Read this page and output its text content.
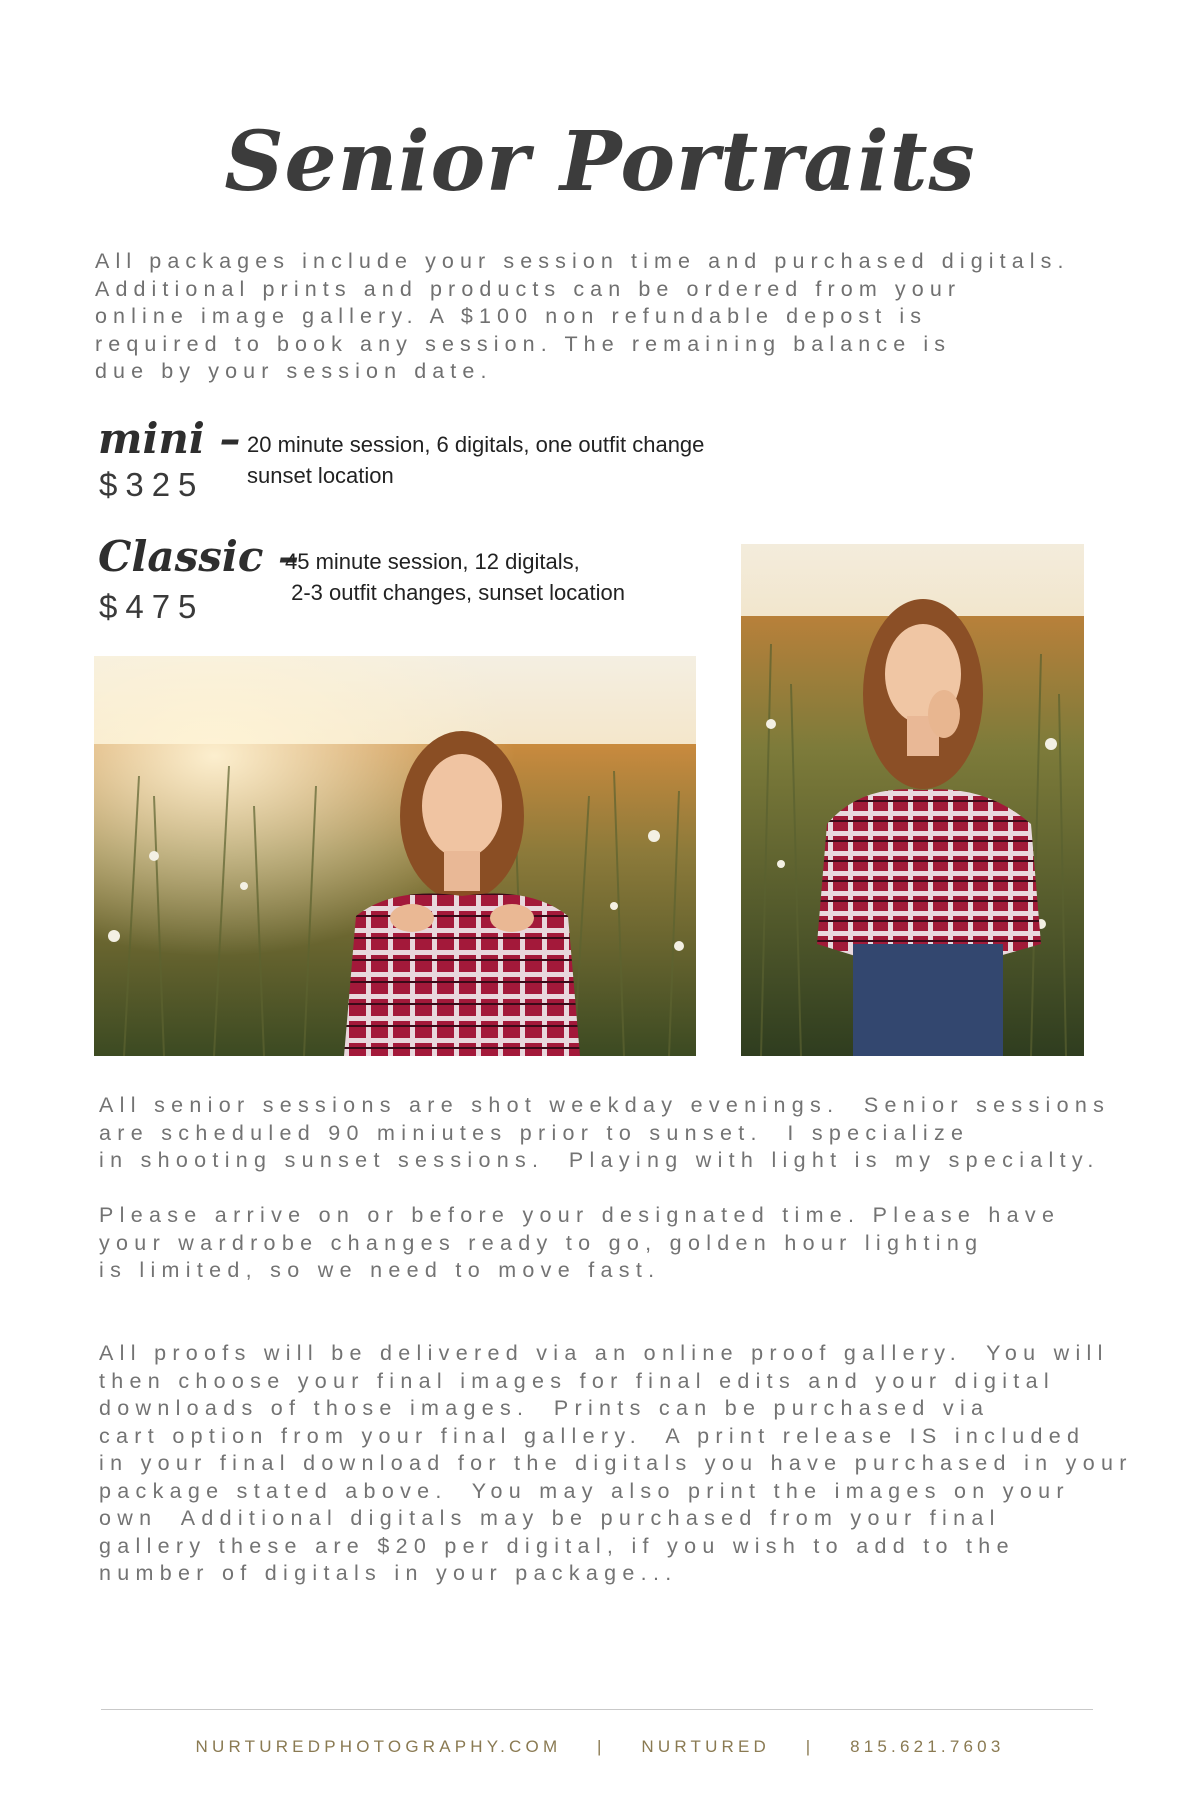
Senior Portraits
All packages include your session time and purchased digitals.
Additional prints and products can be ordered from your
online image gallery. A $100 non refundable depost is
required to book any session. The remaining balance is
due by your session date.
mini –
$325
20 minute session, 6 digitals, one outfit change
sunset location
Classic –
$475
45 minute session, 12 digitals,
2-3 outfit changes, sunset location
All senior sessions are shot weekday evenings.  Senior sessions
are scheduled 90 miniutes prior to sunset.  I specialize
in shooting sunset sessions.  Playing with light is my specialty.
Please arrive on or before your designated time. Please have
your wardrobe changes ready to go, golden hour lighting
is limited, so we need to move fast.
All proofs will be delivered via an online proof gallery.  You will
then choose your final images for final edits and your digital
downloads of those images.  Prints can be purchased via
cart option from your final gallery.  A print release IS included
in your final download for the digitals you have purchased in your
package stated above.  You may also print the images on your
own  Additional digitals may be purchased from your final
gallery these are $20 per digital, if you wish to add to the
number of digitals in your package...
NURTUREDPHOTOGRAPHY.COM | NURTURED | 815.621.7603
